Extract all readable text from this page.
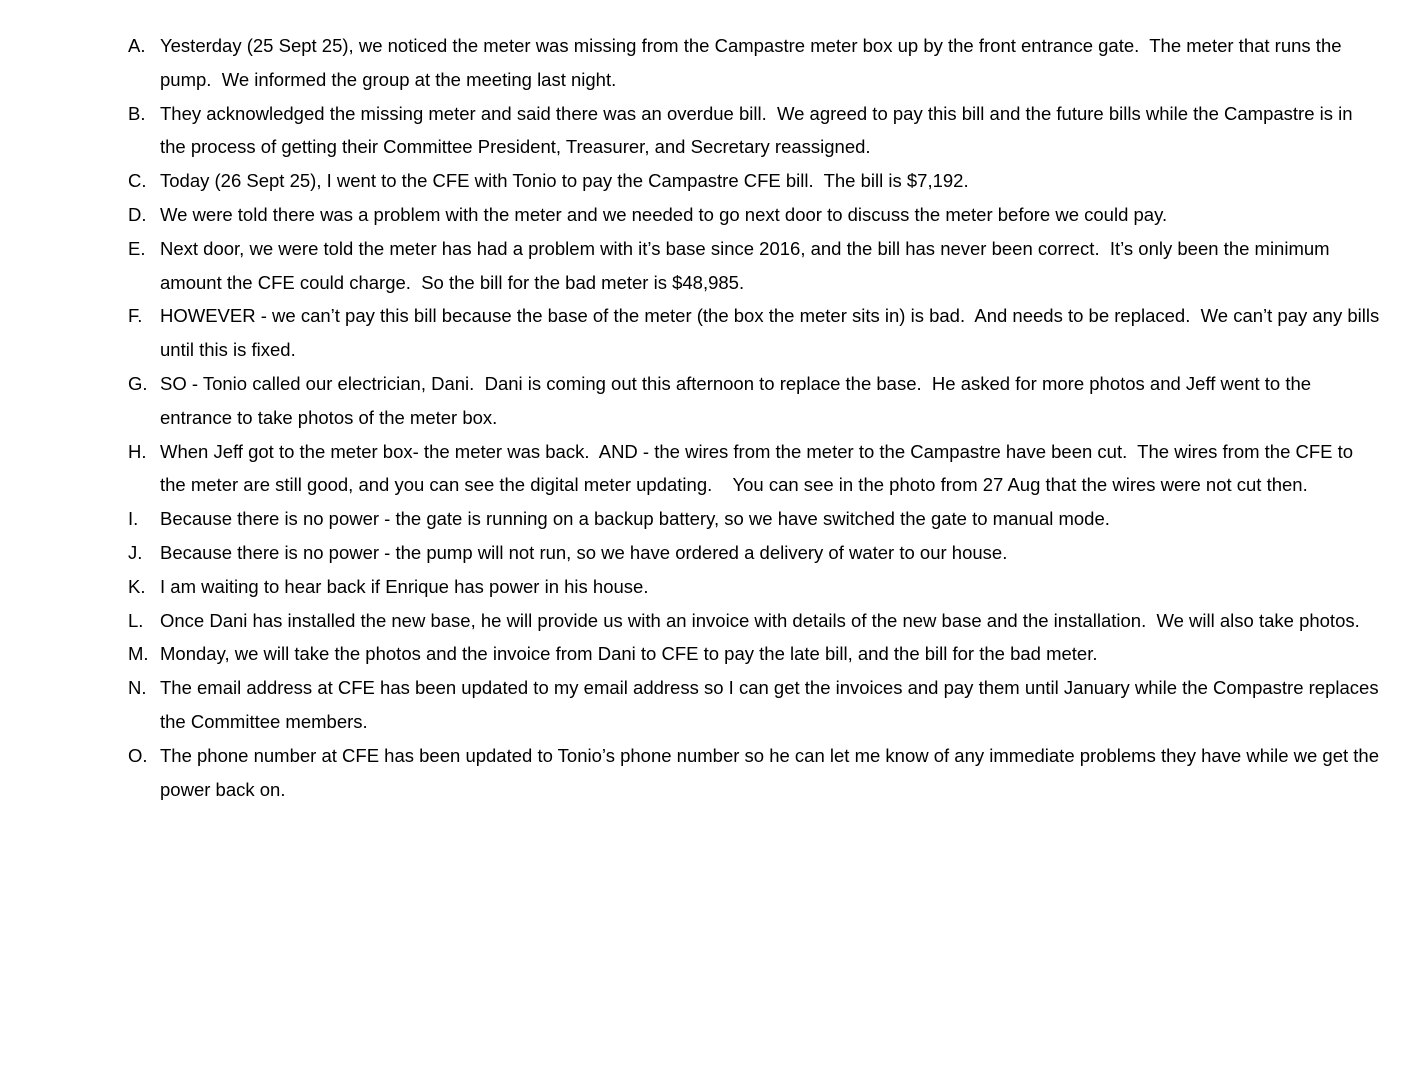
A. Yesterday (25 Sept 25), we noticed the meter was missing from the Campastre meter box up by the front entrance gate.  The meter that runs the pump.  We informed the group at the meeting last night.
B. They acknowledged the missing meter and said there was an overdue bill.  We agreed to pay this bill and the future bills while the Campastre is in the process of getting their Committee President, Treasurer, and Secretary reassigned.
C. Today (26 Sept 25), I went to the CFE with Tonio to pay the Campastre CFE bill.  The bill is $7,192.
D. We were told there was a problem with the meter and we needed to go next door to discuss the meter before we could pay.
E. Next door, we were told the meter has had a problem with it’s base since 2016, and the bill has never been correct.  It’s only been the minimum amount the CFE could charge.  So the bill for the bad meter is $48,985.
F. HOWEVER - we can’t pay this bill because the base of the meter (the box the meter sits in) is bad.  And needs to be replaced.  We can’t pay any bills until this is fixed.
G. SO - Tonio called our electrician, Dani.  Dani is coming out this afternoon to replace the base.  He asked for more photos and Jeff went to the entrance to take photos of the meter box.
H. When Jeff got to the meter box- the meter was back.  AND - the wires from the meter to the Campastre have been cut.  The wires from the CFE to the meter are still good, and you can see the digital meter updating.    You can see in the photo from 27 Aug that the wires were not cut then.
I.	Because there is no power - the gate is running on a backup battery, so we have switched the gate to manual mode.
J. Because there is no power - the pump will not run, so we have ordered a delivery of water to our house.
K. I am waiting to hear back if Enrique has power in his house.
L. Once Dani has installed the new base, he will provide us with an invoice with details of the new base and the installation.  We will also take photos.
M. Monday, we will take the photos and the invoice from Dani to CFE to pay the late bill, and the bill for the bad meter.
N. The email address at CFE has been updated to my email address so I can get the invoices and pay them until January while the Compastre replaces the Committee members.
O. The phone number at CFE has been updated to Tonio’s phone number so he can let me know of any immediate problems they have while we get the power back on.
